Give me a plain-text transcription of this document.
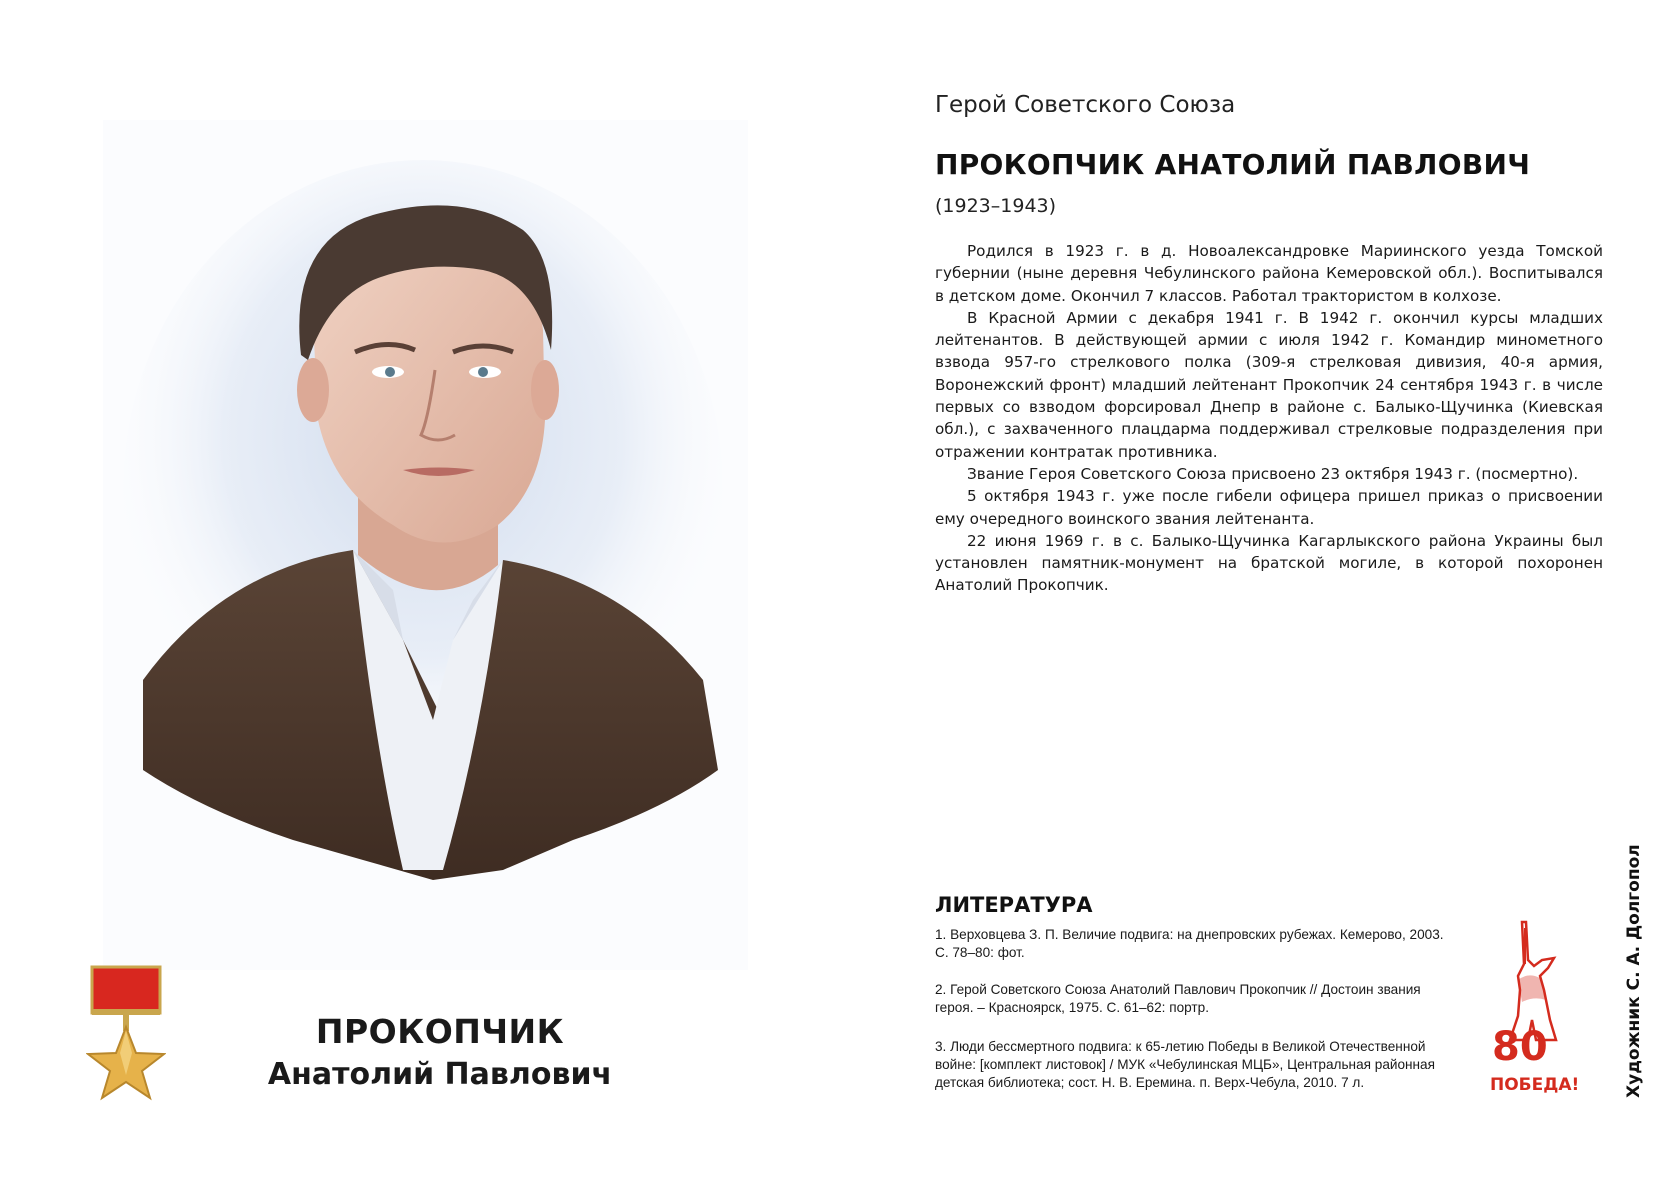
ПРОКОПЧИК
Анатолий Павлович
Герой Советского Союза
ПРОКОПЧИК АНАТОЛИЙ ПАВЛОВИЧ
(1923–1943)

Родился в 1923 г. в д. Новоалександровке Мариинского уезда Томской губернии (ныне деревня Чебулинского района Кемеровской обл.). Воспитывался в детском доме. Окончил 7 классов. Работал трактористом в колхозе.

В Красной Армии с декабря 1941 г. В 1942 г. окончил курсы младших лейтенантов. В действующей армии с июля 1942 г. Командир минометного взвода 957-го стрелкового полка (309-я стрелковая дивизия, 40-я армия, Воронежский фронт) младший лейтенант Прокопчик 24 сентября 1943 г. в числе первых со взводом форсировал Днепр в районе с. Балыко-Щучинка (Киевская обл.), с захваченного плацдарма поддерживал стрелковые подразделения при отражении контратак противника.

Звание Героя Советского Союза присвоено 23 октября 1943 г. (посмертно).

5 октября 1943 г. уже после гибели офицера пришел приказ о присвоении ему очередного воинского звания лейтенанта.

22 июня 1969 г. в с. Балыко-Щучинка Кагарлыкского района Украины был установлен памятник-монумент на братской могиле, в которой похоронен Анатолий Прокопчик.

ЛИТЕРАТУРА

1. Верховцева З. П. Величие подвига: на днепровских рубежах. Кемерово, 2003. С. 78–80: фот.

2. Герой Советского Союза Анатолий Павлович Прокопчик // Достоин звания героя. – Красноярск, 1975. С. 61–62: портр.

3. Люди бессмертного подвига: к 65-летию Победы в Великой Отечественной войне: [комплект листовок] / МУК «Чебулинская МЦБ», Центральная районная детская библиотека; сост. Н. В. Еремина. п. Верх-Чебула, 2010. 7 л.

80
ПОБЕДА!	Художник С. А. Долгопол
